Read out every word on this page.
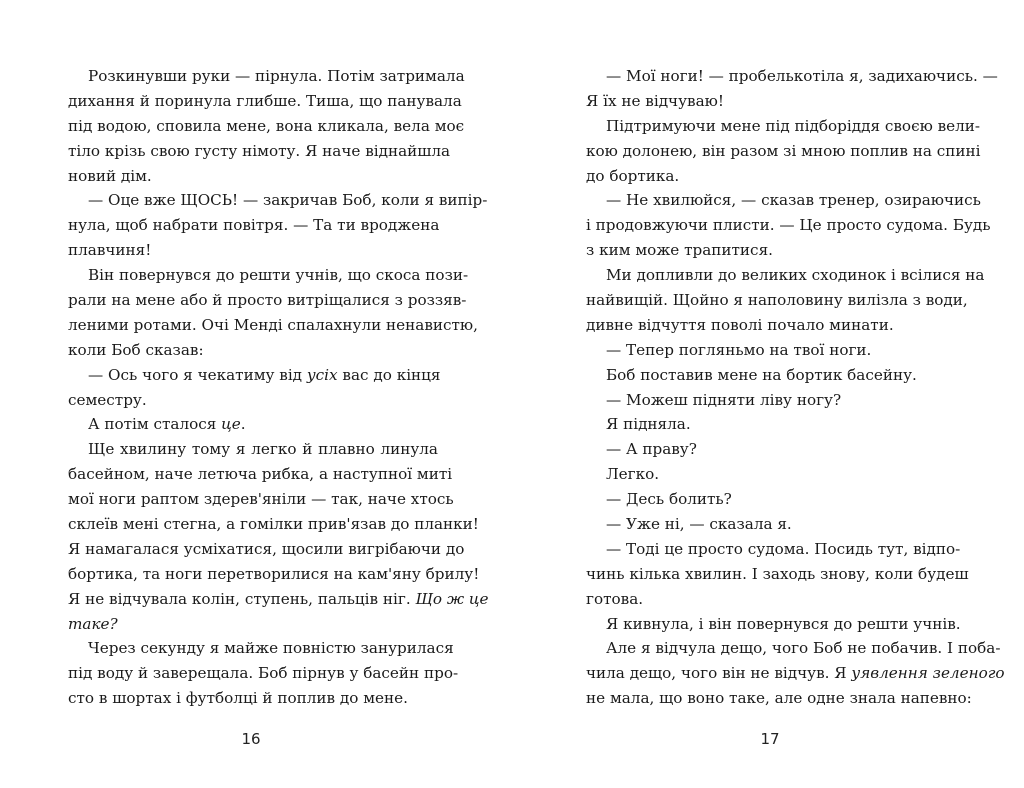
Розкинувши руки — пірнула. Потім затримала
дихання й поринула глибше. Тиша, що панувала
під водою, сповила мене, вона кликала, вела моє
тіло крізь свою густу німоту. Я наче віднайшла
новий дім.
— Оце вже ЩОСЬ! — закричав Боб, коли я випір-
нула, щоб набрати повітря. — Та ти вроджена
плавчиня!
Він повернувся до решти учнів, що скоса пози-
рали на мене або й просто витріщалися з роззяв-
леними ротами. Очі Менді спалахнули ненавистю,
коли Боб сказав:
— Ось чого я чекатиму від усіх вас до кінця
семестру.
А потім сталося це.
Ще хвилину тому я легко й плавно линула
басейном, наче летюча рибка, а наступної миті
мої ноги раптом здерев'яніли — так, наче хтось
склеїв мені стегна, а гомілки прив'язав до планки!
Я намагалася усміхатися, щосили вигрібаючи до
бортика, та ноги перетворилися на кам'яну брилу!
Я не відчувала колін, ступень, пальців ніг. Що ж це
таке?
Через секунду я майже повністю занурилася
під воду й заверещала. Боб пірнув у басейн про-
сто в шортах і футболці й поплив до мене.
— Мої ноги! — пробелькотіла я, задихаючись. —
Я їх не відчуваю!
Підтримуючи мене під підборіддя своєю вели-
кою долонею, він разом зі мною поплив на спині
до бортика.
— Не хвилюйся, — сказав тренер, озираючись
і продовжуючи плисти. — Це просто судома. Будь
з ким може трапитися.
Ми допливли до великих сходинок і всілися на
найвищій. Щойно я наполовину вилізла з води,
дивне відчуття поволі почало минати.
— Тепер погляньмо на твої ноги.
Боб поставив мене на бортик басейну.
— Можеш підняти ліву ногу?
Я підняла.
— А праву?
Легко.
— Десь болить?
— Уже ні, — сказала я.
— Тоді це просто судома. Посидь тут, відпо-
чинь кілька хвилин. І заходь знову, коли будеш
готова.
Я кивнула, і він повернувся до решти учнів.
Але я відчула дещо, чого Боб не побачив. І поба-
чила дещо, чого він не відчув. Я уявлення зеленого
не мала, що воно таке, але одне знала напевно:
16	17
